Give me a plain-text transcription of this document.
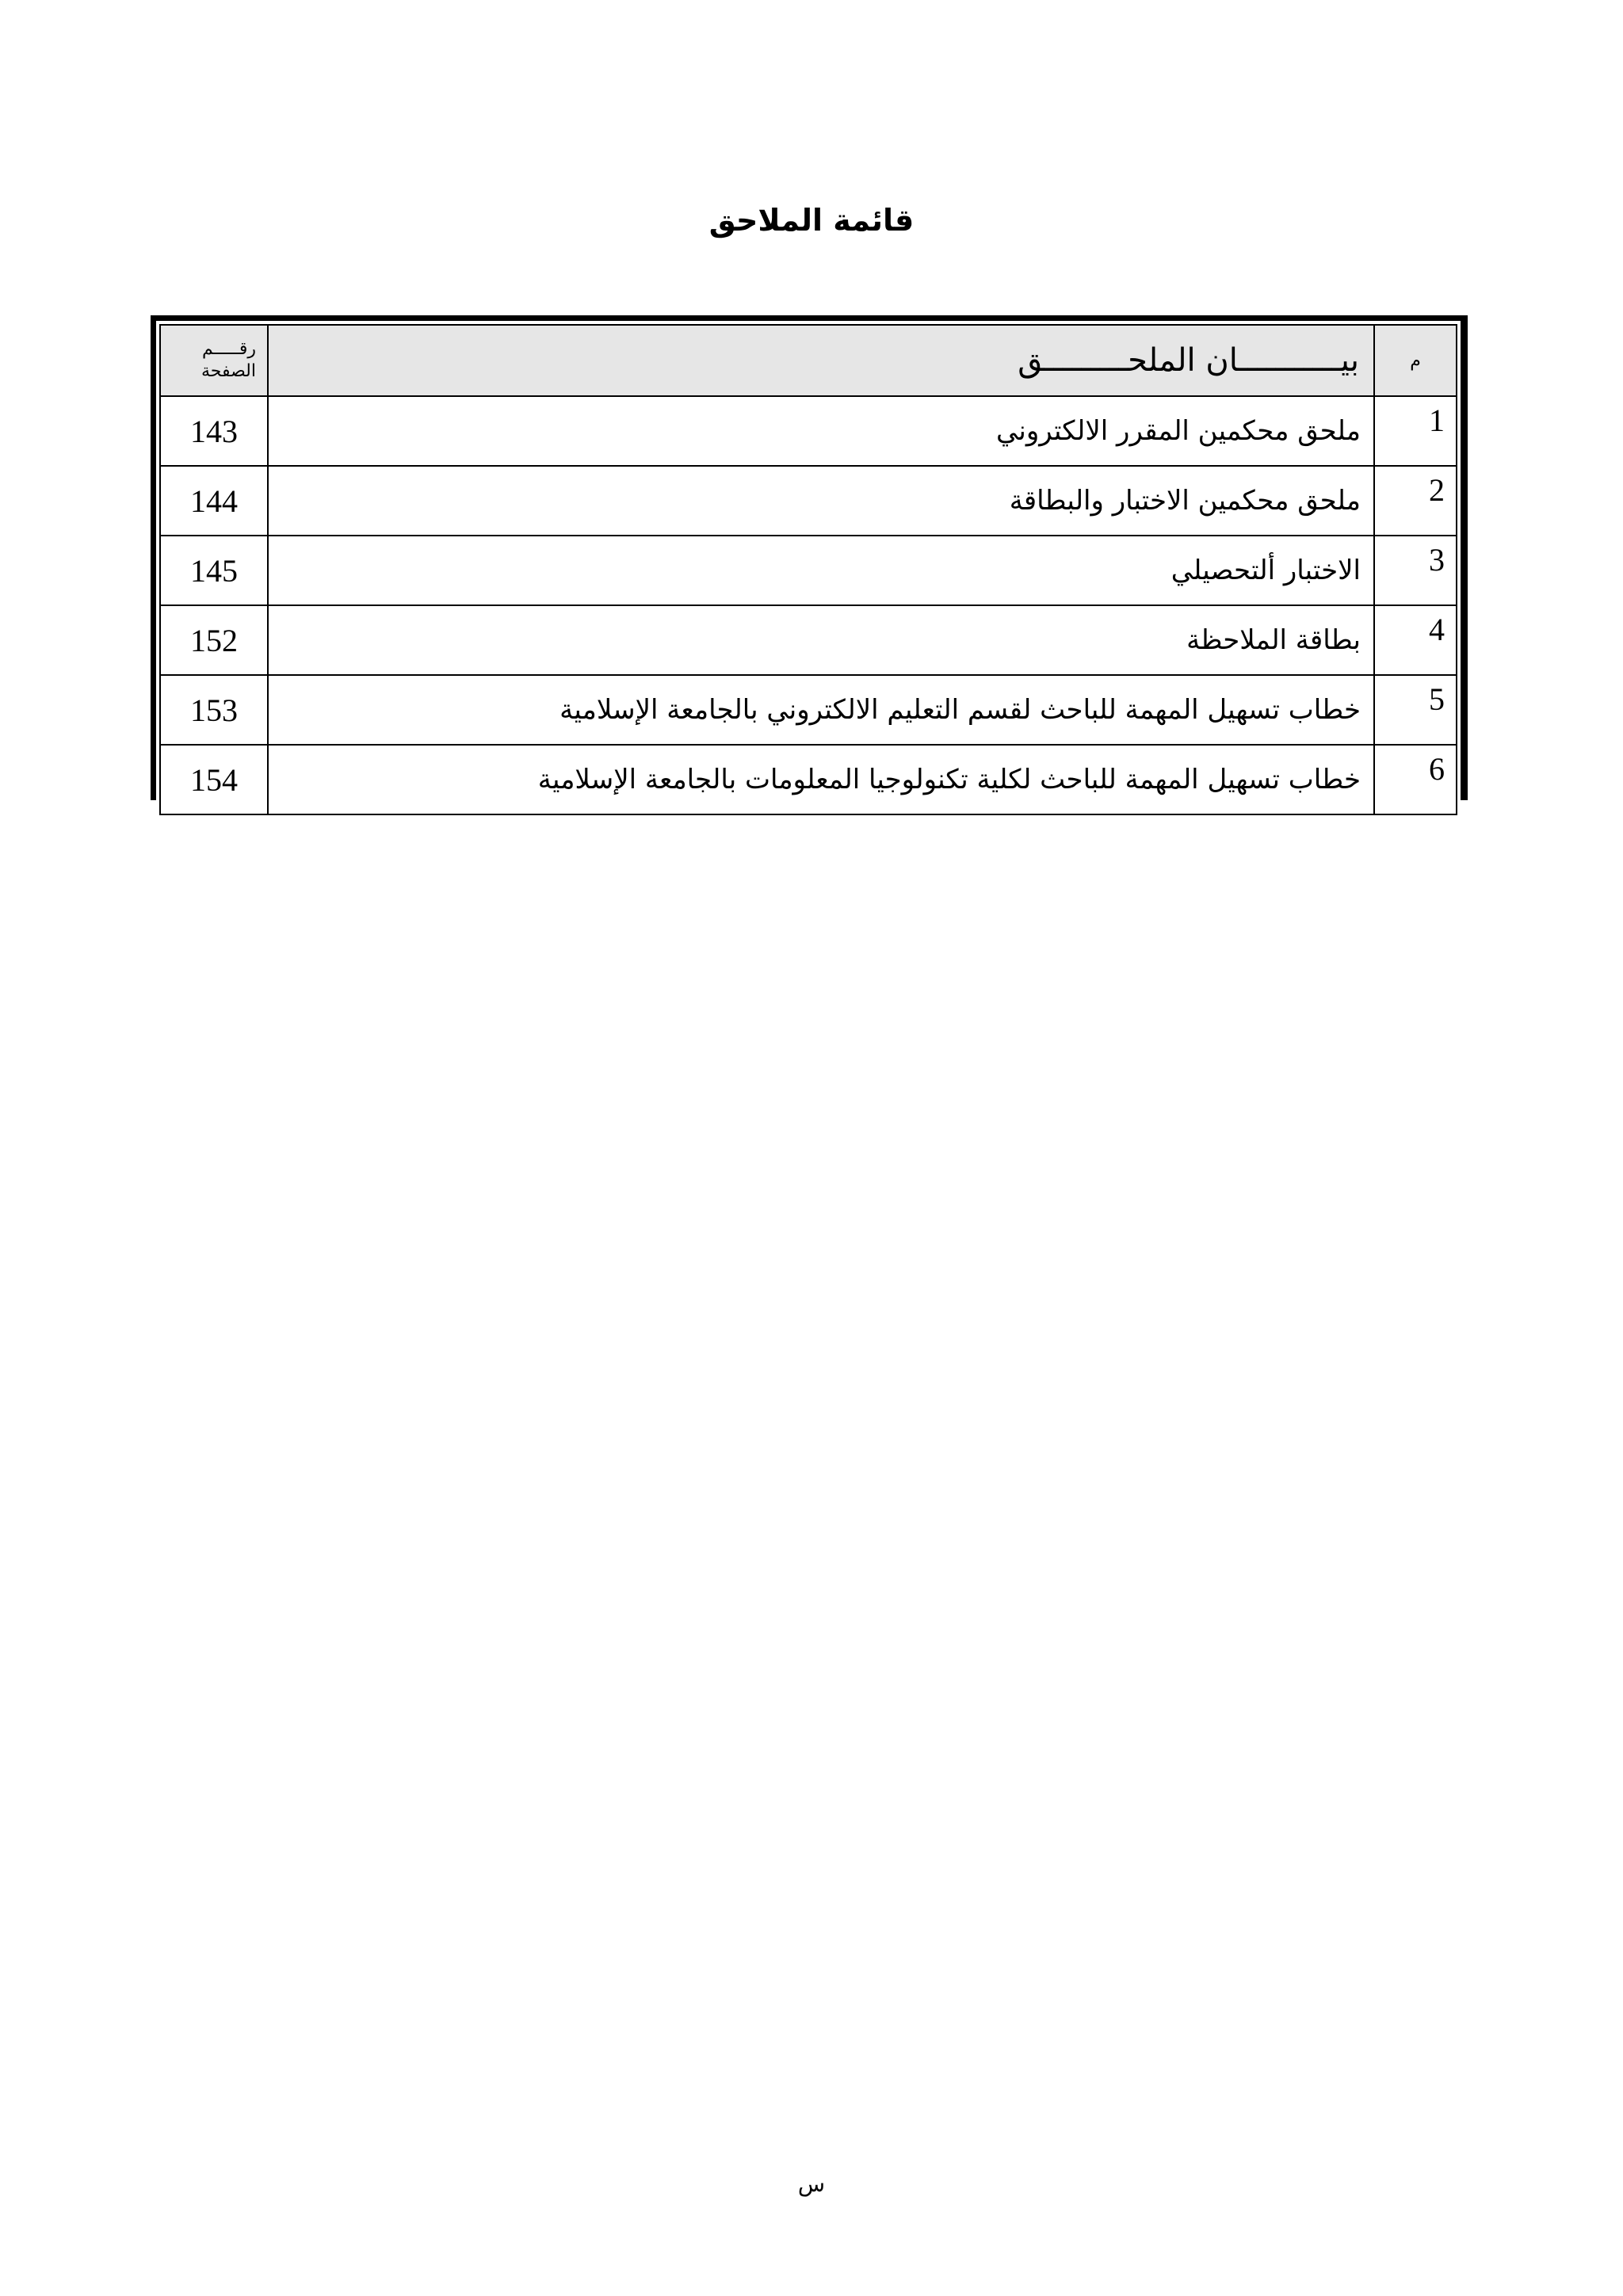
قائمة الملاحق
م	بيـــــــــــان الملحـــــــــق	رقـــــم
الصفحة

1	ملحق محكمين المقرر الالكتروني	143
2	ملحق محكمين الاختبار والبطاقة	144
3	الاختبار ألتحصيلي	145
4	بطاقة الملاحظة	152
5	خطاب تسهيل المهمة للباحث لقسم التعليم الالكتروني بالجامعة الإسلامية	153
6	خطاب تسهيل المهمة للباحث لكلية تكنولوجيا المعلومات بالجامعة الإسلامية	154
س
